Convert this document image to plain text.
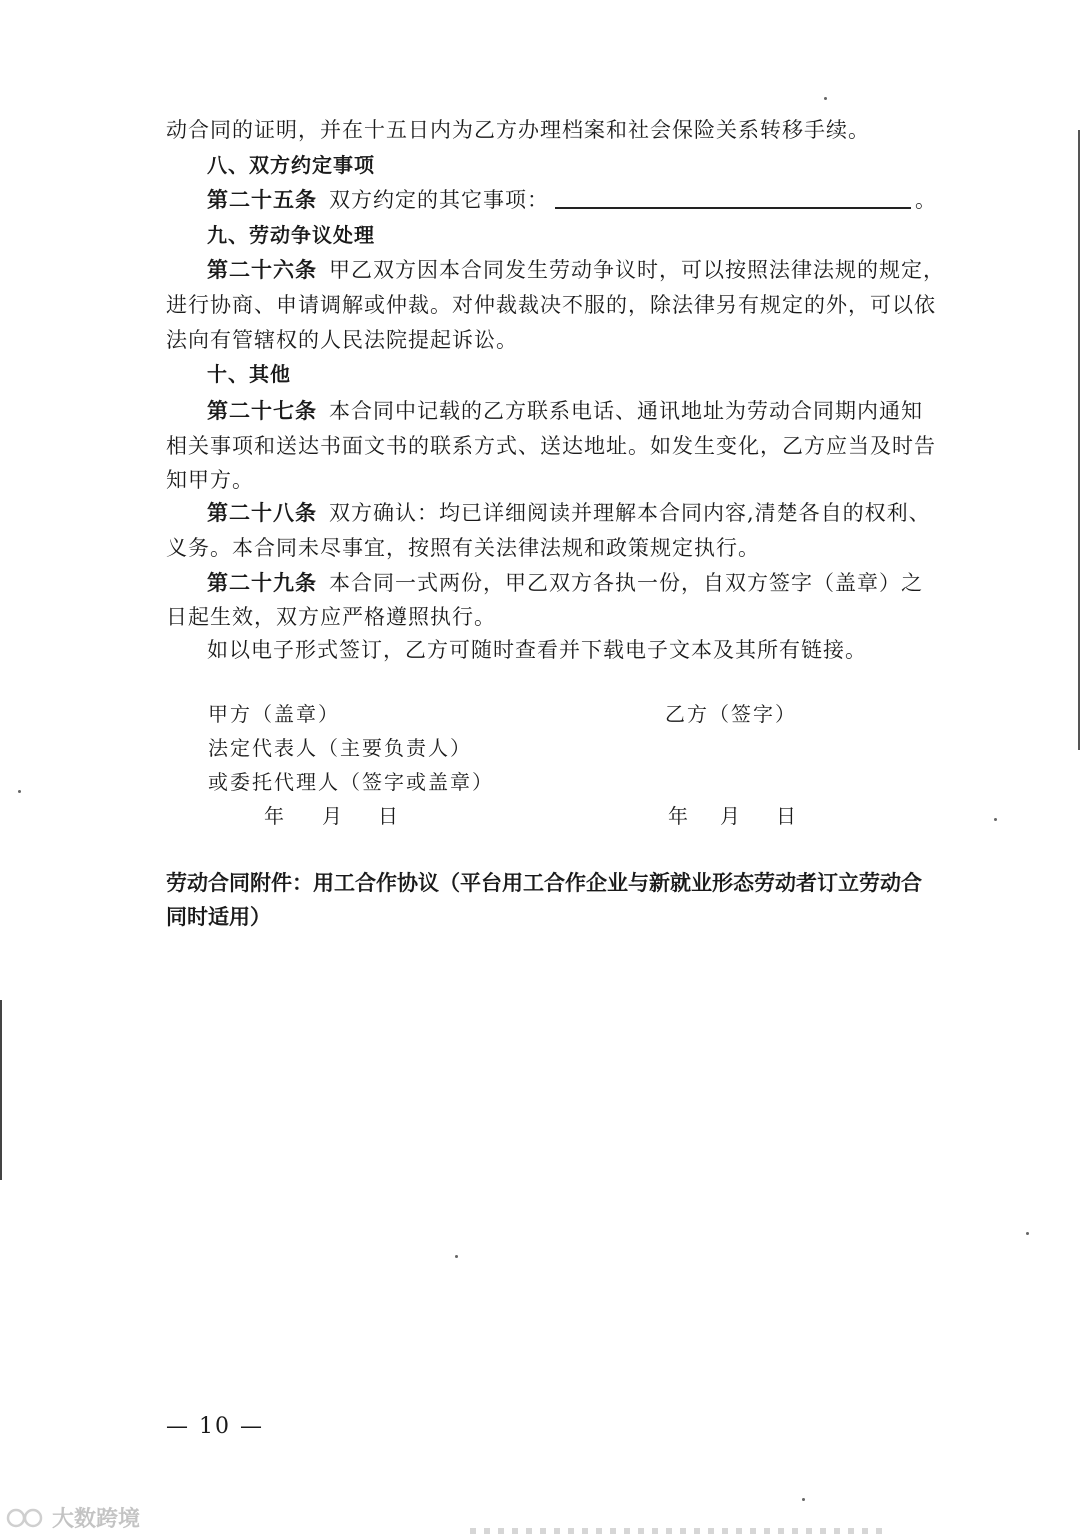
动合同的证明，并在十五日内为乙方办理档案和社会保险关系转移手续。
八、双方约定事项
第二十五条 双方约定的其它事项：	。
九、劳动争议处理
第二十六条 甲乙双方因本合同发生劳动争议时，可以按照法律法规的规定，
进行协商、申请调解或仲裁。对仲裁裁决不服的，除法律另有规定的外，可以依
法向有管辖权的人民法院提起诉讼。
十、其他
第二十七条 本合同中记载的乙方联系电话、通讯地址为劳动合同期内通知
相关事项和送达书面文书的联系方式、送达地址。如发生变化，乙方应当及时告
知甲方。
第二十八条 双方确认：均已详细阅读并理解本合同内容,清楚各自的权利、
义务。本合同未尽事宜，按照有关法律法规和政策规定执行。
第二十九条 本合同一式两份，甲乙双方各执一份，自双方签字（盖章）之
日起生效，双方应严格遵照执行。
如以电子形式签订，乙方可随时查看并下载电子文本及其所有链接。
甲方（盖章）	乙方（签字）
法定代表人（主要负责人）
或委托代理人（签字或盖章）
年 月 日	年 月 日
劳动合同附件：用工合作协议（平台用工合作企业与新就业形态劳动者订立劳动合同时适用）
— 10 —
大数跨境
